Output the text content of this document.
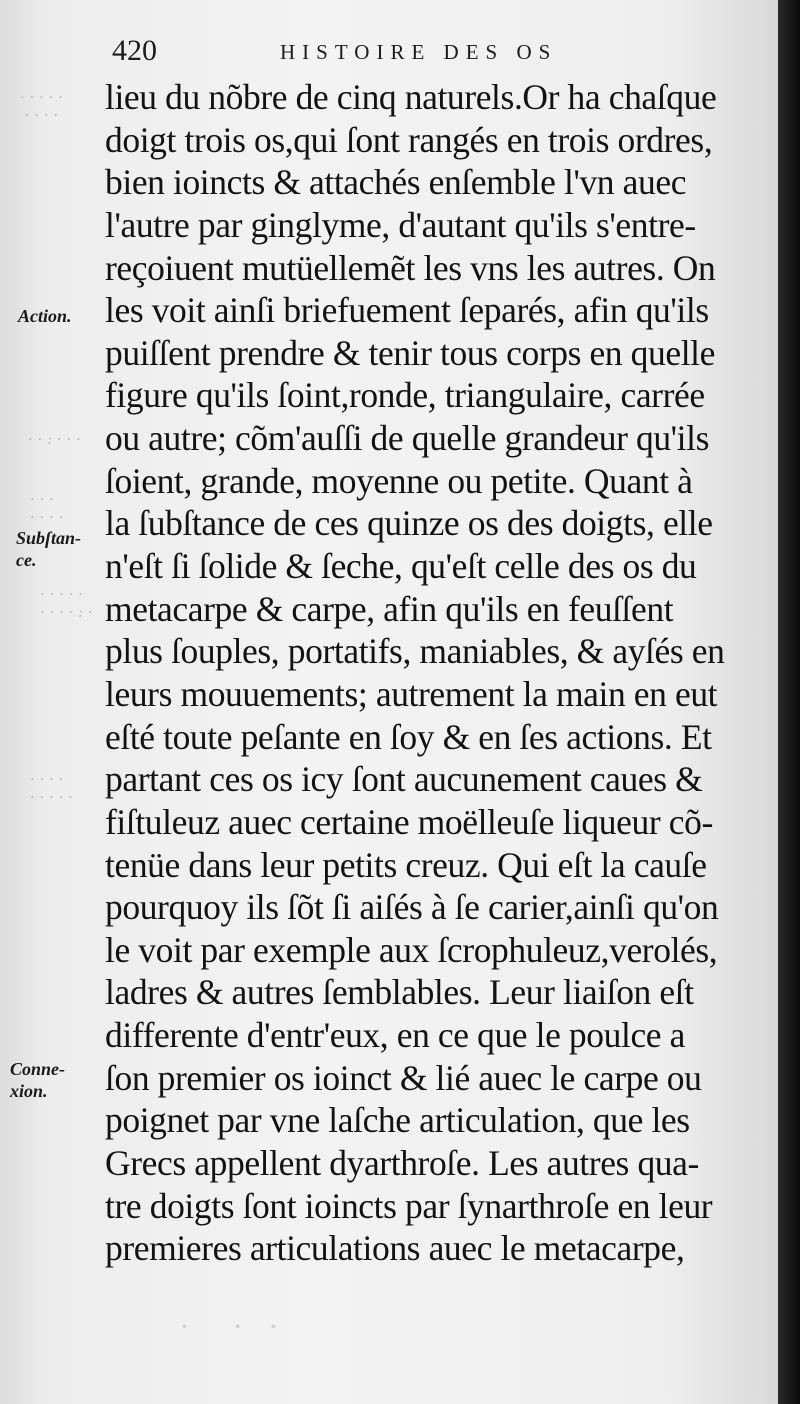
· · · · ·
· · · ·
· · : · · ·
· · ·
· · · ·
· · · · ·
· · · · : ·
· · · ·
· · · · ·
420	HISTOIRE DES OS
Action.
Subſtan-
ce.
Conne-
xion.
lieu du nõbre de cinq naturels.Or ha chaſque
doigt trois os,qui ſont rangés en trois ordres,
bien ioincts & attachés enſemble l'vn auec
l'autre par ginglyme, d'autant qu'ils s'entre-
reçoiuent mutüellemẽt les vns les autres. On
les voit ainſi briefuement ſeparés, afin qu'ils
puiſſent prendre & tenir tous corps en quelle
figure qu'ils ſoint,ronde, triangulaire, carrée
ou autre; cõm'auſſi de quelle grandeur qu'ils
ſoient, grande, moyenne ou petite. Quant à
la ſubſtance de ces quinze os des doigts, elle
n'eſt ſi ſolide & ſeche, qu'eſt celle des os du
metacarpe & carpe, afin qu'ils en feuſſent
plus ſouples, portatifs, maniables, & ayſés en
leurs mouuements; autrement la main en eut
eſté toute peſante en ſoy & en ſes actions. Et
partant ces os icy ſont aucunement caues &
fiſtuleuz auec certaine moëlleuſe liqueur cõ-
tenüe dans leur petits creuz. Qui eſt la cauſe
pourquoy ils ſõt ſi aiſés à ſe carier,ainſi qu'on
le voit par exemple aux ſcrophuleuz,verolés,
ladres & autres ſemblables. Leur liaiſon eſt
differente d'entr'eux, en ce que le poulce a
ſon premier os ioinct & lié auec le carpe ou
poignet par vne laſche articulation, que les
Grecs appellent dyarthroſe. Les autres qua-
tre doigts ſont ioincts par ſynarthroſe en leur
premieres articulations auec le metacarpe,
·     ·   ·
